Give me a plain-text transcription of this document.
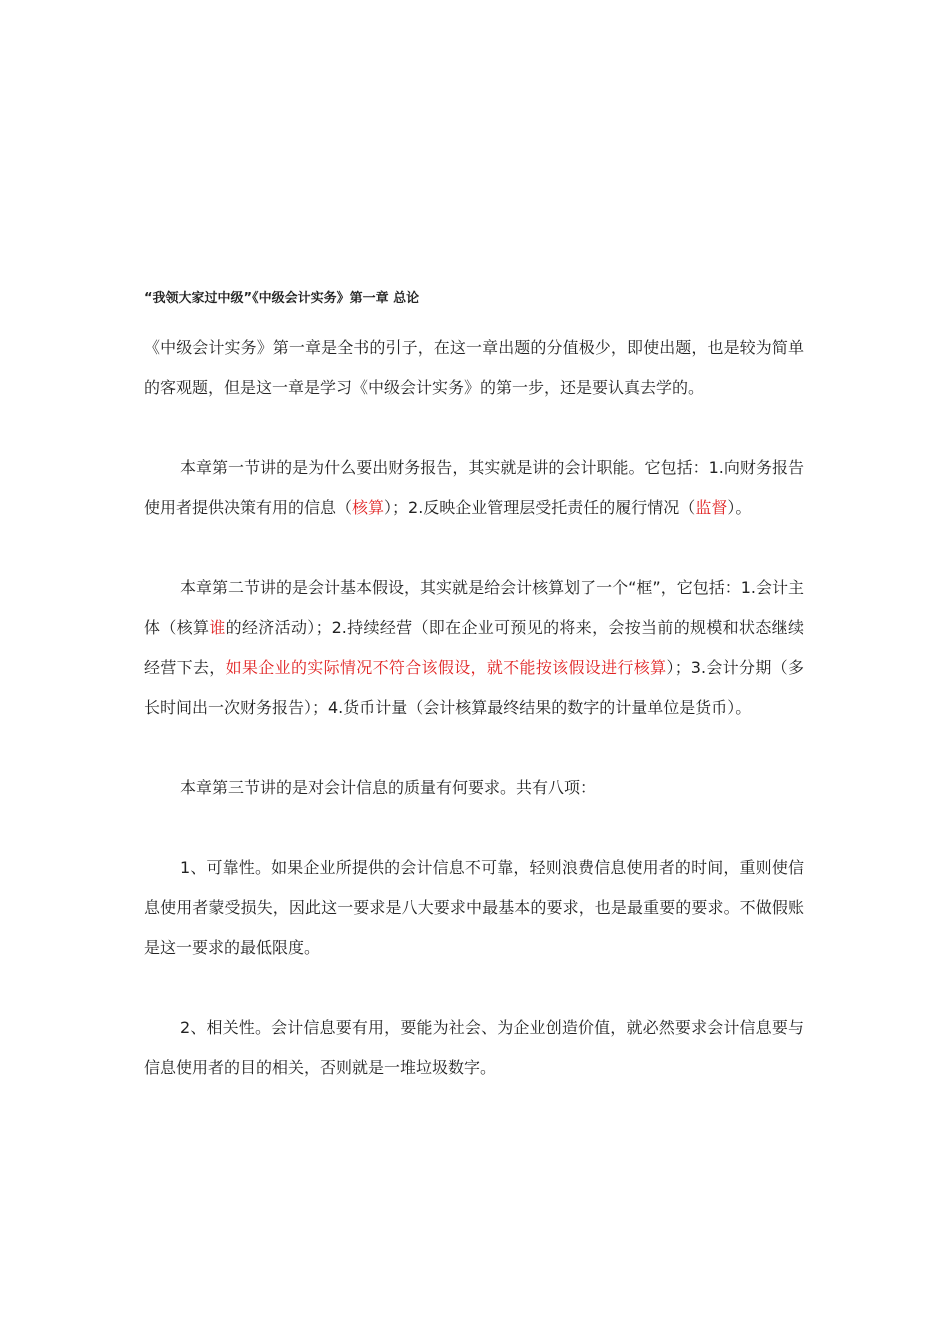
“我领大家过中级”《中级会计实务》第一章 总论

《中级会计实务》第一章是全书的引子，在这一章出题的分值极少，即使出题，也是较为简单的客观题，但是这一章是学习《中级会计实务》的第一步，还是要认真去学的。

本章第一节讲的是为什么要出财务报告，其实就是讲的会计职能。它包括：1.向财务报告使用者提供决策有用的信息（核算）；2.反映企业管理层受托责任的履行情况（监督）。

本章第二节讲的是会计基本假设，其实就是给会计核算划了一个“框”，它包括：1.会计主体（核算谁的经济活动）；2.持续经营（即在企业可预见的将来，会按当前的规模和状态继续经营下去，如果企业的实际情况不符合该假设，就不能按该假设进行核算）；3.会计分期（多长时间出一次财务报告）；4.货币计量（会计核算最终结果的数字的计量单位是货币）。

本章第三节讲的是对会计信息的质量有何要求。共有八项：

1、可靠性。如果企业所提供的会计信息不可靠，轻则浪费信息使用者的时间，重则使信息使用者蒙受损失，因此这一要求是八大要求中最基本的要求，也是最重要的要求。不做假账是这一要求的最低限度。

2、相关性。会计信息要有用，要能为社会、为企业创造价值，就必然要求会计信息要与信息使用者的目的相关，否则就是一堆垃圾数字。
